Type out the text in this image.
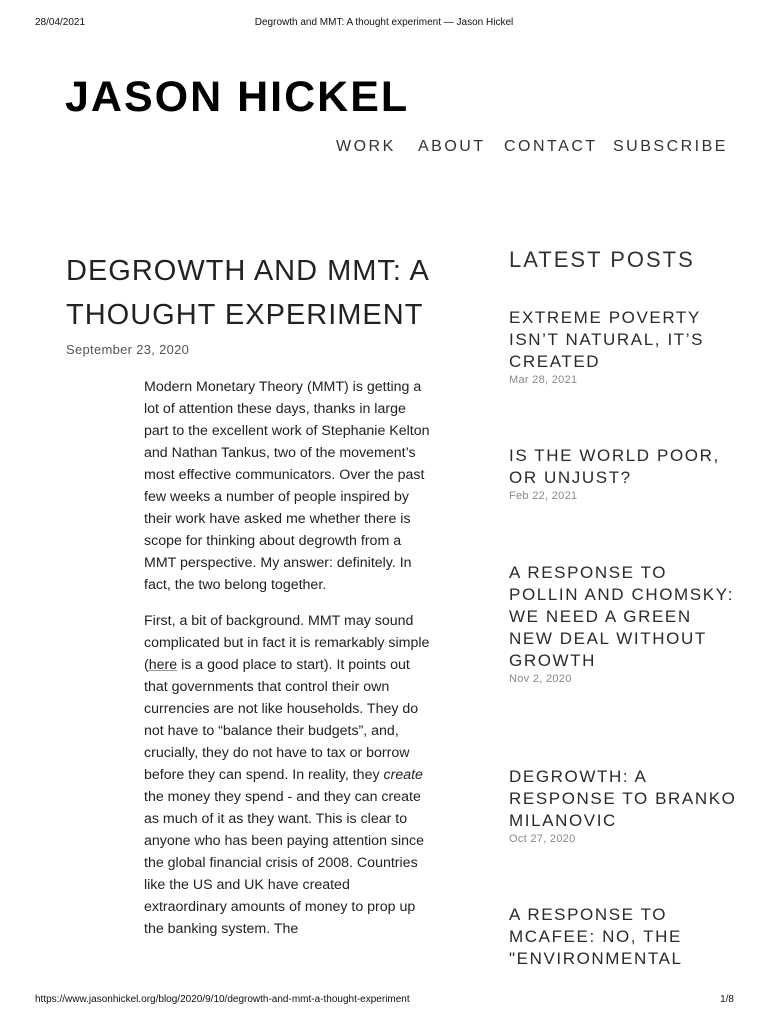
28/04/2021	Degrowth and MMT: A thought experiment — Jason Hickel
JASON HICKEL
WORK ABOUT CONTACT SUBSCRIBE
DEGROWTH AND MMT: A
THOUGHT EXPERIMENT
September 23, 2020

Modern Monetary Theory (MMT) is getting a lot of attention these days, thanks in large part to the excellent work of Stephanie Kelton and Nathan Tankus, two of the movement’s most effective communicators. Over the past few weeks a number of people inspired by their work have asked me whether there is scope for thinking about degrowth from a MMT perspective. My answer: definitely. In fact, the two belong together.

First, a bit of background. MMT may sound complicated but in fact it is remarkably simple (here is a good place to start). It points out that governments that control their own currencies are not like households. They do not have to “balance their budgets”, and, crucially, they do not have to tax or borrow before they can spend. In reality, they create the money they spend - and they can create as much of it as they want. This is clear to anyone who has been paying attention since the global financial crisis of 2008. Countries like the US and UK have created extraordinary amounts of money to prop up the banking system. The

LATEST POSTS
EXTREME POVERTY ISN’T NATURAL, IT’S CREATED
Mar 28, 2021
IS THE WORLD POOR, OR UNJUST?
Feb 22, 2021
A RESPONSE TO POLLIN AND CHOMSKY: WE NEED A GREEN NEW DEAL WITHOUT GROWTH
Nov 2, 2020
DEGROWTH: A RESPONSE TO BRANKO MILANOVIC
Oct 27, 2020
A RESPONSE TO MCAFEE: NO, THE "ENVIRONMENTAL
https://www.jasonhickel.org/blog/2020/9/10/degrowth-and-mmt-a-thought-experiment	1/8
